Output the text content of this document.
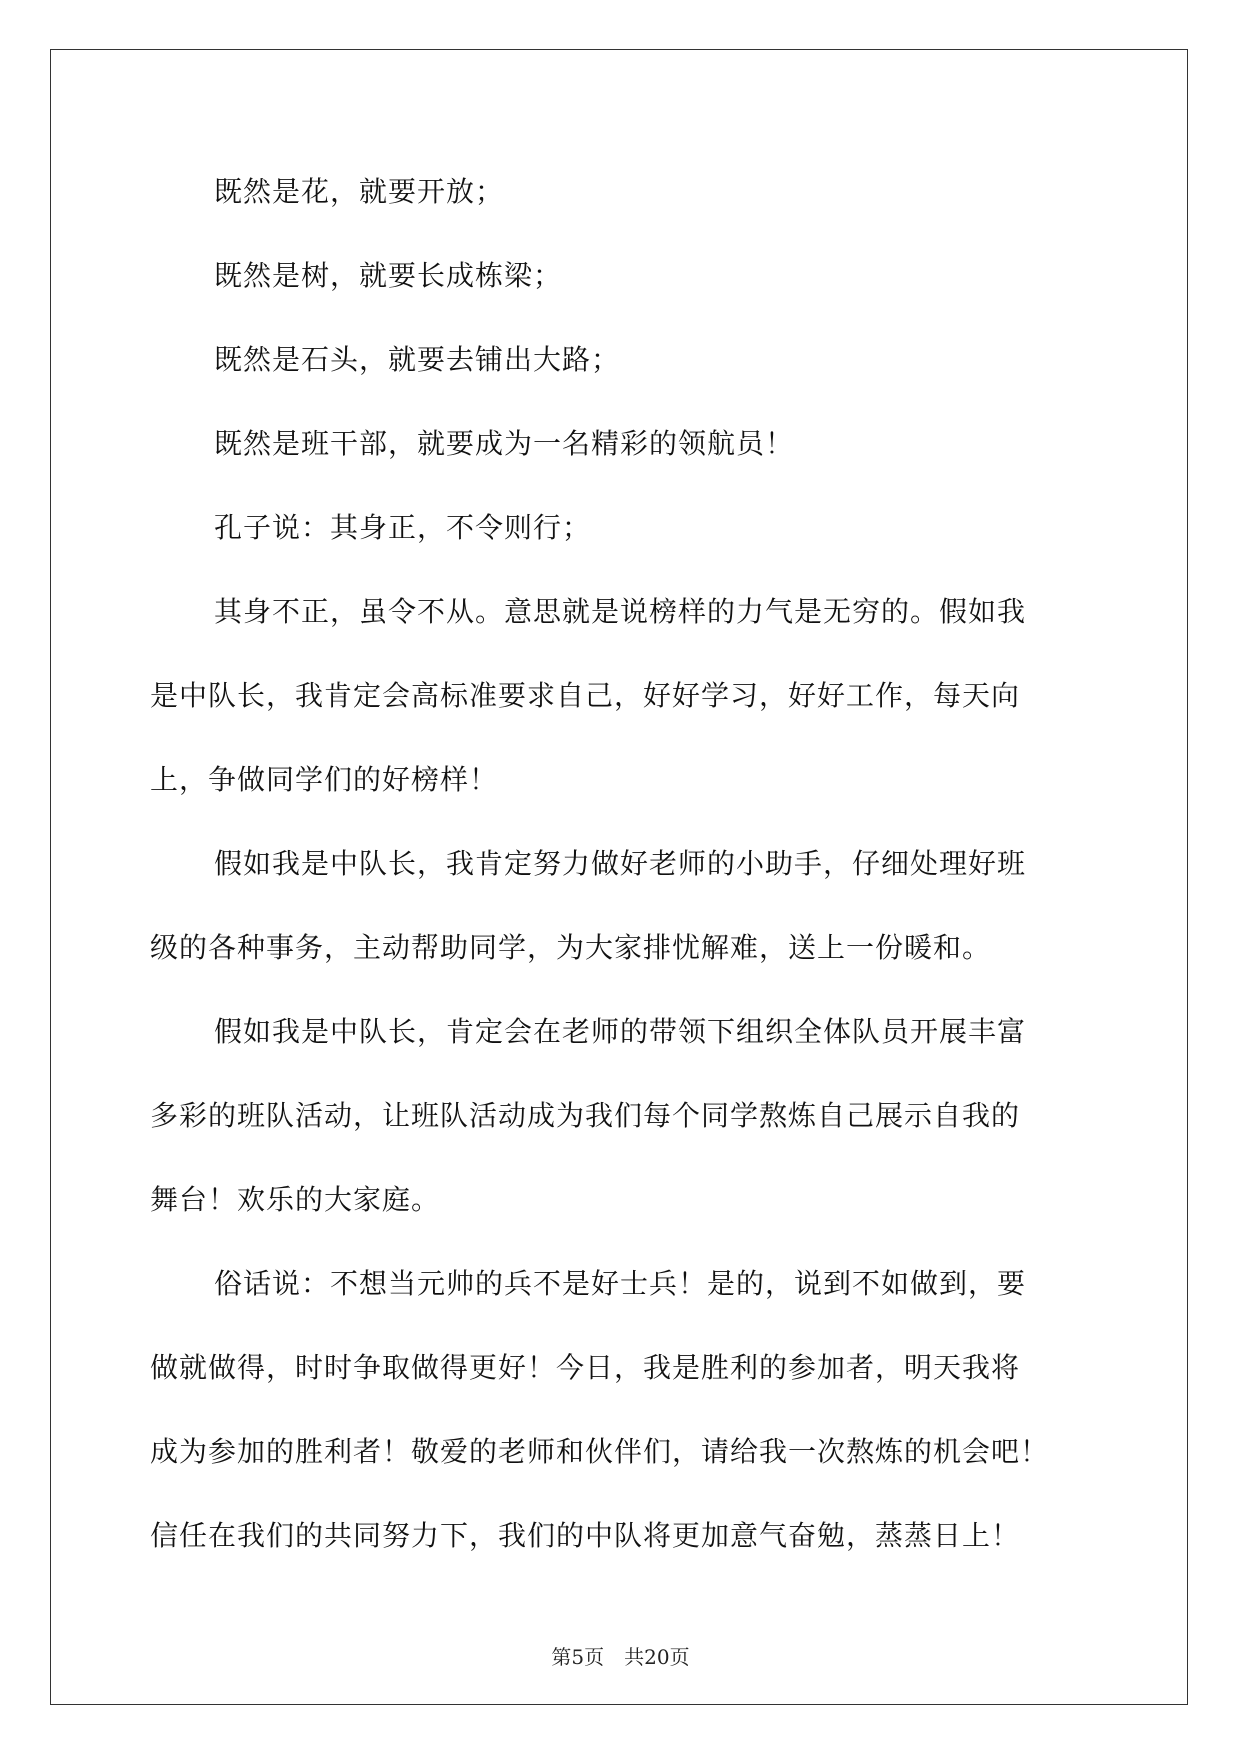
既然是花，就要开放；
既然是树，就要长成栋梁；
既然是石头，就要去铺出大路；
既然是班干部，就要成为一名精彩的领航员！
孔子说：其身正，不令则行；
其身不正，虽令不从。意思就是说榜样的力气是无穷的。假如我
是中队长，我肯定会高标准要求自己，好好学习，好好工作，每天向
上，争做同学们的好榜样！
假如我是中队长，我肯定努力做好老师的小助手，仔细处理好班
级的各种事务，主动帮助同学，为大家排忧解难，送上一份暖和。
假如我是中队长，肯定会在老师的带领下组织全体队员开展丰富
多彩的班队活动，让班队活动成为我们每个同学熬炼自己展示自我的
舞台！欢乐的大家庭。
俗话说：不想当元帅的兵不是好士兵！是的，说到不如做到，要
做就做得，时时争取做得更好！今日，我是胜利的参加者，明天我将
成为参加的胜利者！敬爱的老师和伙伴们，请给我一次熬炼的机会吧！
信任在我们的共同努力下，我们的中队将更加意气奋勉，蒸蒸日上！
第5页 共20页
